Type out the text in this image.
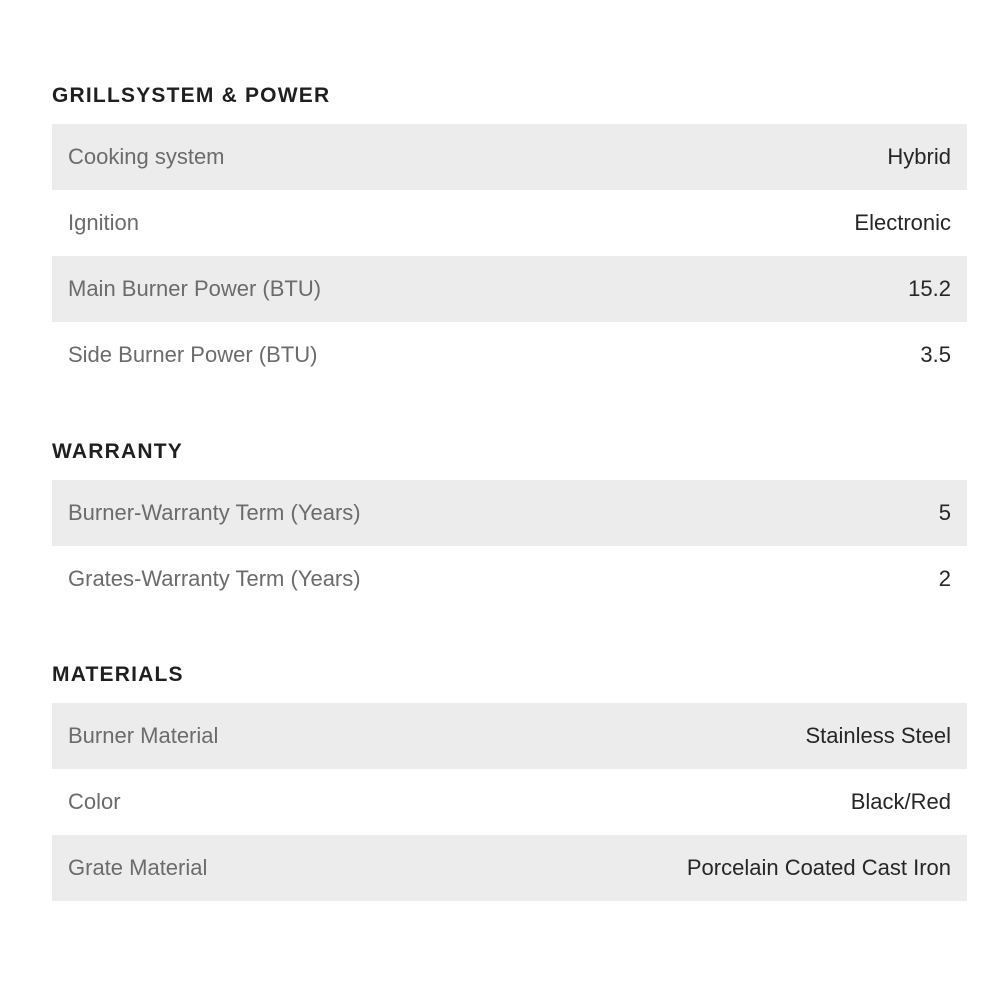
GRILLSYSTEM & POWER
Cooking system	Hybrid
Ignition	Electronic
Main Burner Power (BTU)	15.2
Side Burner Power (BTU)	3.5
WARRANTY
Burner-Warranty Term (Years)	5
Grates-Warranty Term (Years)	2
MATERIALS
Burner Material	Stainless Steel
Color	Black/Red
Grate Material	Porcelain Coated Cast Iron
